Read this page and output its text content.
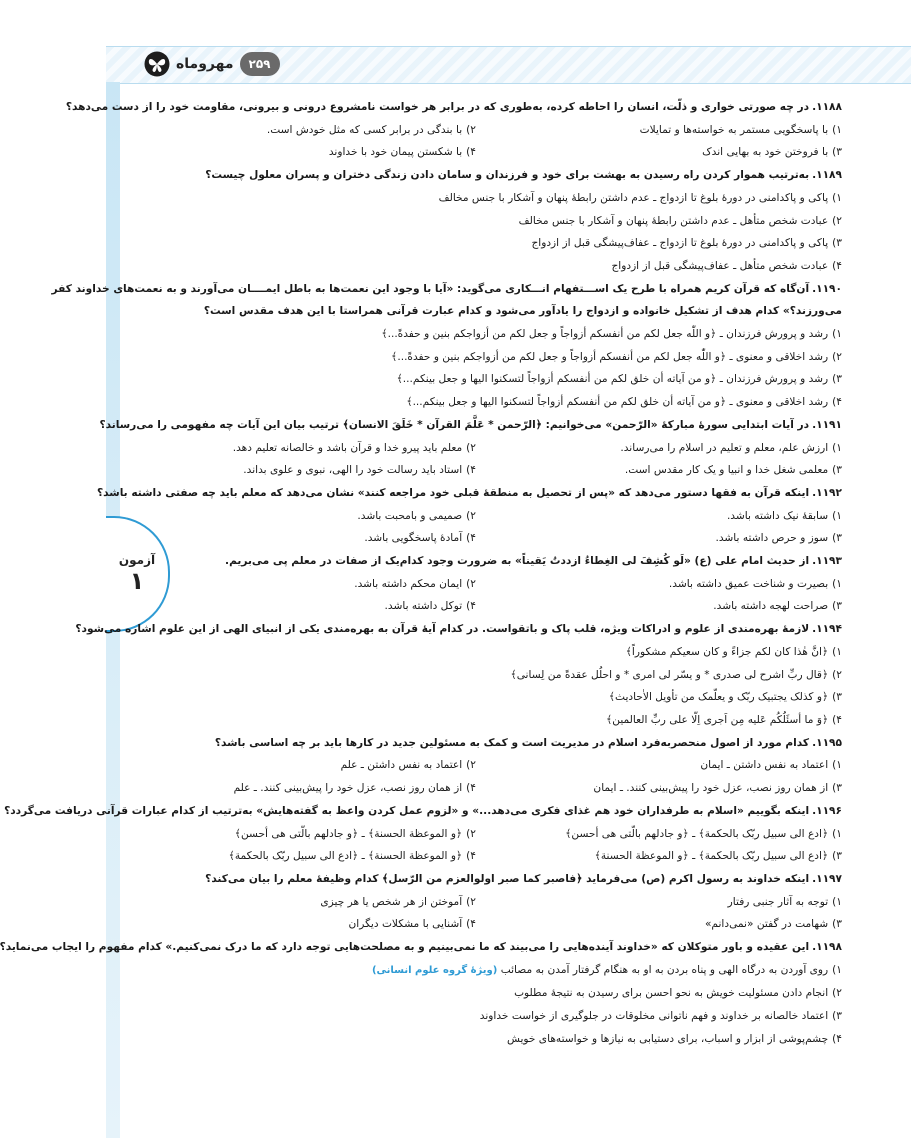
مهروماه	۲۵۹
آزمون
۱
۱۱۸۸.در چه صورتی خواری و ذلّت، انسان را احاطه کرده، به‌طوری که در برابر هر خواست نامشروع درونی و بیرونی، مقاومت خود را از دست می‌دهد؟
۱)با پاسخگویی مستمر به خواسته‌ها و تمایلات
۲)با بندگی در برابر کسی که مثل خودش است.
۳)با فروختن خود به بهایی اندک
۴)با شکستن پیمان خود با خداوند
۱۱۸۹.به‌ترتیب هموار کردن راه رسیدن به بهشت برای خود و فرزندان و سامان دادن زندگی دختران و پسران معلول چیست؟
۱)پاکی و پاکدامنی در دورهٔ بلوغ تا ازدواج ـ عدم داشتن رابطهٔ پنهان و آشکار با جنس مخالف
۲)عبادت شخص متأهل ـ عدم داشتن رابطهٔ پنهان و آشکار با جنس مخالف
۳)پاکی و پاکدامنی در دورهٔ بلوغ تا ازدواج ـ عفاف‌پیشگی قبل از ازدواج
۴)عبادت شخص متأهل ـ عفاف‌پیشگی قبل از ازدواج
۱۱۹۰.آن‌گاه که قرآن کریم همراه با طرح یک اســـتفهام انـــکاری می‌گوید: «آیا با وجود این نعمت‌ها به باطل ایمــــان می‌آورند و به نعمت‌های خداوند کفر
می‌ورزند؟» کدام هدف از تشکیل خانواده و ازدواج را یادآور می‌شود و کدام عبارت قرآنی همراستا با این هدف مقدس است؟
۱)رشد و پرورش فرزندان ـ ﴿و اللّٰه جعل لکم من أنفسکم أزواجاً و جعل لکم من أزواجکم بنین و حفدةً...﴾
۲)رشد اخلاقی و معنوی ـ ﴿و اللّٰه جعل لکم من أنفسکم أزواجاً و جعل لکم من أزواجکم بنین و حفدةً...﴾
۳)رشد و پرورش فرزندان ـ ﴿و من آیاته أن خلق لکم من أنفسکم أزواجاً لتسکنوا الیها و جعل بینکم...﴾
۴)رشد اخلاقی و معنوی ـ ﴿و من آیاته أن خلق لکم من أنفسکم أزواجاً لتسکنوا الیها و جعل بینکم...﴾
۱۱۹۱.در آیات ابتدایی سورهٔ مبارکهٔ «الرّحمن» می‌خوانیم: ﴿الرّحمن * عَلَّمَ القرآن * خَلَقَ الانسان﴾ ترتیب بیان این آیات چه مفهومی را می‌رساند؟
۱)ارزش علم، معلم و تعلیم در اسلام را می‌رساند.
۲)معلم باید پیرو خدا و قرآن باشد و خالصانه تعلیم دهد.
۳)معلمی شغل خدا و انبیا و یک کار مقدس است.
۴)استاد باید رسالت خود را الهی، نبوی و علوی بداند.
۱۱۹۲.اینکه قرآن به فقها دستور می‌دهد که «پس از تحصیل به منطقهٔ قبلی خود مراجعه کنند» نشان می‌دهد که معلم باید چه صفتی داشته باشد؟
۱)سابقهٔ نیک داشته باشد.
۲)صمیمی و بامحبت باشد.
۳)سوز و حرص داشته باشد.
۴)آمادهٔ پاسخگویی باشد.
۱۱۹۳.از حدیث امام علی (ع) «لَو کُشِفَ لی الغِطاءُ ازددتُ یَقیناً» به ضرورت وجود کدام‌یک از صفات در معلم پی می‌بریم.
۱)بصیرت و شناخت عمیق داشته باشد.
۲)ایمان محکم داشته باشد.
۳)صراحت لهجه داشته باشد.
۴)توکل داشته باشد.
۱۱۹۴.لازمهٔ بهره‌مندی از علوم و ادراکات ویژه، قلب پاک و باتقواست. در کدام آیهٔ قرآن به بهره‌مندی یکی از انبیای الهی از این علوم اشاره می‌شود؟
۱)﴿انَّ هٰذا کان لکم جزاءً و کان سعیکم مشکوراً﴾
۲)﴿قال ربِّ اشرح لی صدری * و یسّر لی امری * و احلُل عقدةً من لِسانی﴾
۳)﴿و کذلک یجتبیک ربّک و یعلّمک من تأویل الاٰحادیث﴾
۴)﴿وَ ما أسئَلُکُم عَلیه مِن اَجری اِلّا علی ربِّ العالمین﴾
۱۱۹۵.کدام مورد از اصول منحصربه‌فرد اسلام در مدیریت است و کمک به مسئولین جدید در کارها باید بر چه اساسی باشد؟
۱)اعتماد به نفس داشتن ـ ایمان
۲)اعتماد به نفس داشتن ـ علم
۳)از همان روز نصب، عزل خود را پیش‌بینی کنند. ـ ایمان
۴)از همان روز نصب، عزل خود را پیش‌بینی کنند. ـ علم
۱۱۹۶.اینکه بگوییم «اسلام به طرفداران خود هم غذای فکری می‌دهد...» و «لزوم عمل کردن واعظ به گفته‌هایش» به‌ترتیب از کدام عبارات قرآنی دریافت می‌گردد؟
۱)﴿ادع الی سبیل ربّک بالحکمة﴾ ـ ﴿و جادلهم بالّتی هی أحسن﴾
۲)﴿و الموعظة الحسنة﴾ ـ ﴿و جادلهم بالّتی هی أحسن﴾
۳)﴿ادع الی سبیل ربّک بالحکمة﴾ ـ ﴿و الموعظة الحسنة﴾
۴)﴿و الموعظة الحسنة﴾ ـ ﴿ادع الی سبیل ربّک بالحکمة﴾
۱۱۹۷.اینکه خداوند به رسول اکرم (ص) می‌فرماید ﴿فاصبر کما صبر اولوالعزم من الرّسل﴾ کدام وظیفهٔ معلم را بیان می‌کند؟
۱)توجه به آثار جنبی رفتار
۲)آموختن از هر شخص یا هر چیزی
۳)شهامت در گفتن «نمی‌دانم»
۴)آشنایی با مشکلات دیگران
۱۱۹۸.این عقیده و باور متوکلان که «خداوند آینده‌هایی را می‌بیند که ما نمی‌بینیم و به مصلحت‌هایی توجه دارد که ما درک نمی‌کنیم.» کدام مفهوم را ایجاب می‌نماید؟
۱)روی آوردن به درگاه الهی و پناه بردن به او به هنگام گرفتار آمدن به مصائب (ویژهٔ گروه علوم انسانی)
۲)انجام دادن مسئولیت خویش به نحو احسن برای رسیدن به نتیجهٔ مطلوب
۳)اعتماد خالصانه بر خداوند و فهم ناتوانی مخلوقات در جلوگیری از خواست خداوند
۴)چشم‌پوشی از ابزار و اسباب، برای دستیابی به نیازها و خواسته‌های خویش
